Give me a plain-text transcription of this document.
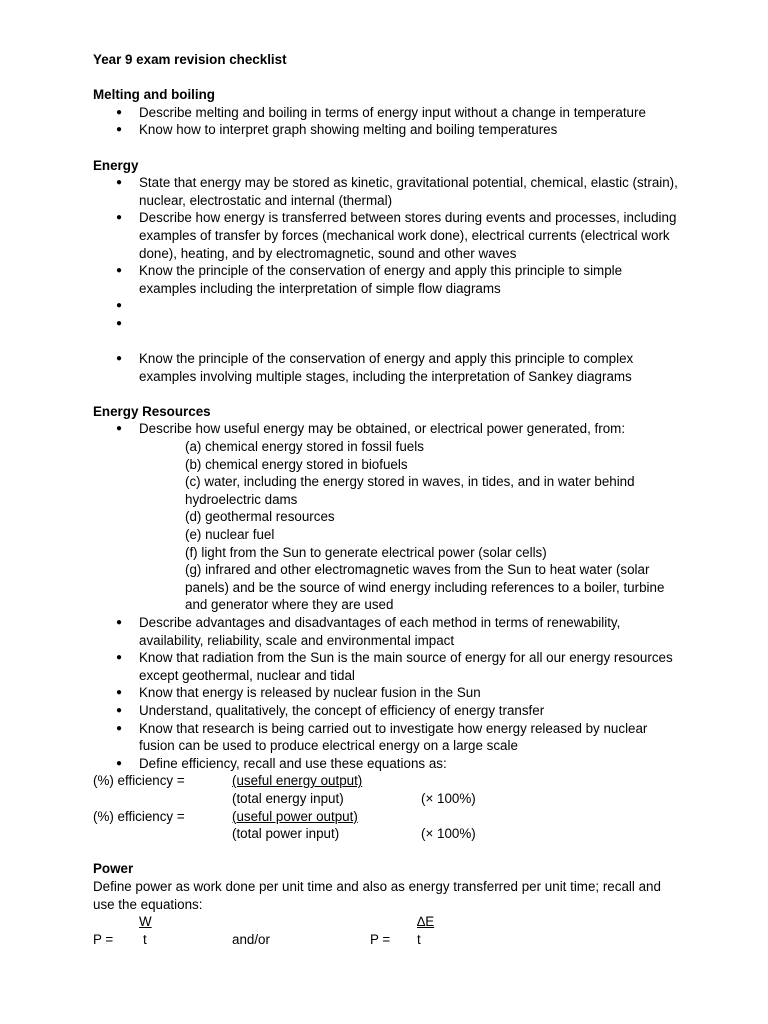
Year 9 exam revision checklist

Melting and boiling
● Describe melting and boiling in terms of energy input without a change in temperature
● Know how to interpret graph showing melting and boiling temperatures
Energy
● State that energy may be stored as kinetic, gravitational potential, chemical, elastic (strain), nuclear, electrostatic and internal (thermal)
● Describe how energy is transferred between stores during events and processes, including examples of transfer by forces (mechanical work done), electrical currents (electrical work done), heating, and by electromagnetic, sound and other waves
● Know the principle of the conservation of energy and apply this principle to simple examples including the interpretation of simple flow diagrams
●
●
● Know the principle of the conservation of energy and apply this principle to complex examples involving multiple stages, including the interpretation of Sankey diagrams
Energy Resources
● Describe how useful energy may be obtained, or electrical power generated, from:
(a) chemical energy stored in fossil fuels
(b) chemical energy stored in biofuels
(c) water, including the energy stored in waves, in tides, and in water behind hydroelectric dams
(d) geothermal resources
(e) nuclear fuel
(f) light from the Sun to generate electrical power (solar cells)
(g) infrared and other electromagnetic waves from the Sun to heat water (solar panels) and be the source of wind energy including references to a boiler, turbine and generator where they are used
● Describe advantages and disadvantages of each method in terms of renewability, availability, reliability, scale and environmental impact
● Know that radiation from the Sun is the main source of energy for all our energy resources except geothermal, nuclear and tidal
● Know that energy is released by nuclear fusion in the Sun
● Understand, qualitatively, the concept of efficiency of energy transfer
● Know that research is being carried out to investigate how energy released by nuclear fusion can be used to produce electrical energy on a large scale
● Define efficiency, recall and use these equations as:
(%) efficiency =	(useful energy output)
(total energy input)	(× 100%)
(%) efficiency =	(useful power output)
(total power input)	(× 100%)
Power

Define power as work done per unit time and also as energy transferred per unit time; recall and use the equations:

W	∆E
P = t	and/or	P = t
